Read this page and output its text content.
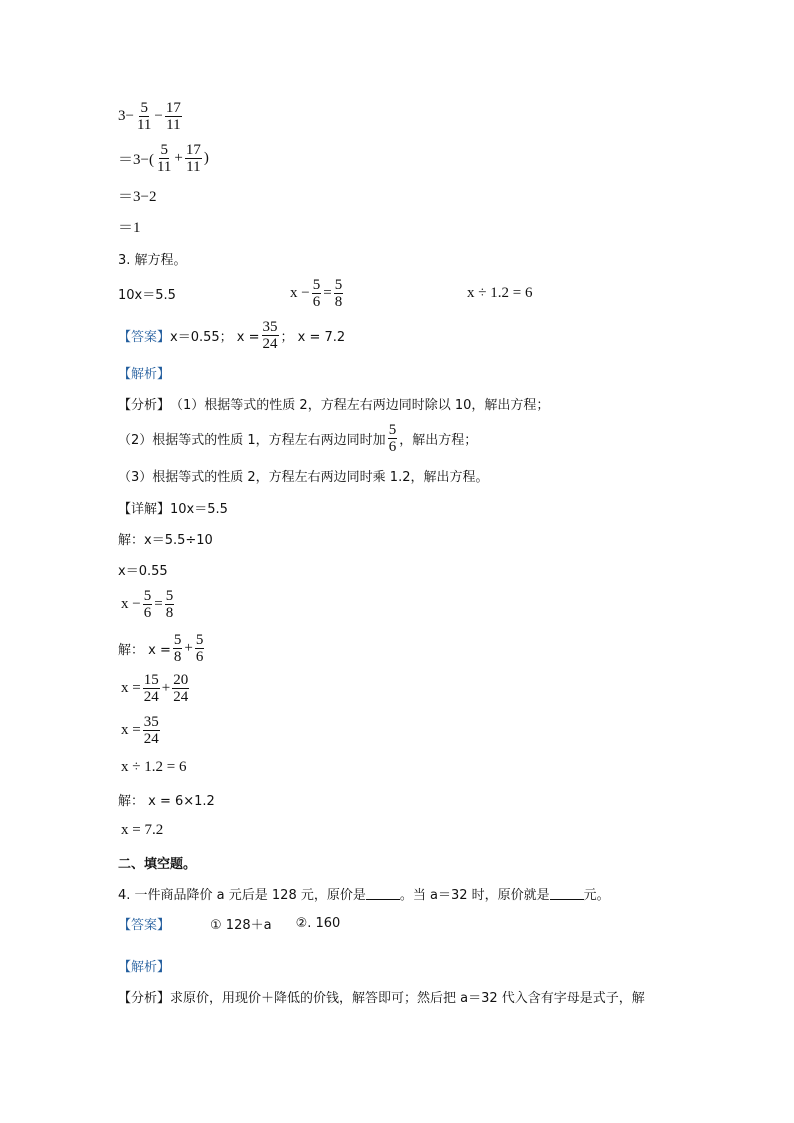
$3- \frac{5}{11} - \frac{17}{11}$
$=3-( \frac{5}{11} + \frac{17}{11}$ )
＝3−2
＝1
3. 解方程。
10x＝5.5	$x - \frac{5}{6} = \frac{5}{8}$	x ÷ 1.2 = 6
【答案】 x＝0.55； $x = \frac{35}{24}$ ； x = 7.2
【解析】
【分析】 （1）根据等式的性质 2，方程左右两边同时除以 10，解出方程；
（2）根据等式的性质 1，方程左右两边同时加 $\frac{5}{6}$ ，解出方程；
（3）根据等式的性质 2，方程左右两边同时乘 1.2，解出方程。
【详解】 10x＝5.5
解：x＝5.5÷10
x＝0.55
$x - \frac{5}{6} = \frac{5}{8}$
解： $x = \frac{5}{8} + \frac{5}{6}$
$x = \frac{15}{24} + \frac{20}{24}$
$x = \frac{35}{24}$
x ÷ 1.2 = 6
解： x = 6×1.2
x = 7.2
二、填空题。
4. 一件商品降价 a 元后是 128 元，原价是	。当 a＝32 时，原价就是	元。
【答案】	① 128＋a ②. 160
【解析】
【分析】 求原价，用现价＋降低的价钱，解答即可；然后把 a＝32 代入含有字母是式子，解
